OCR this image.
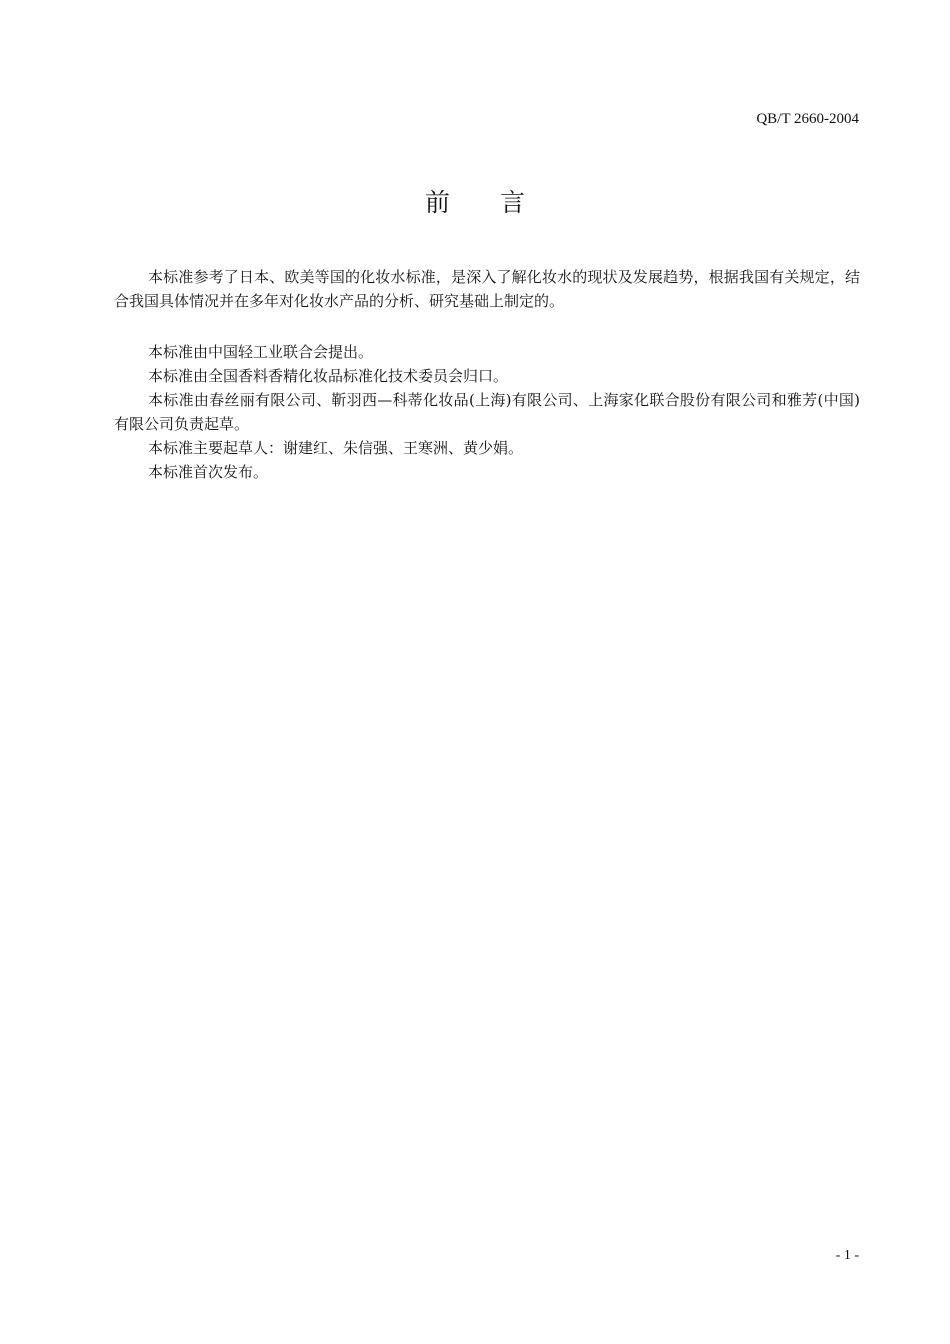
QB/T 2660-2004
前 言

本标准参考了日本、欧美等国的化妆水标准，是深入了解化妆水的现状及发展趋势，根据我国有关规定，结合我国具体情况并在多年对化妆水产品的分析、研究基础上制定的。

本标准由中国轻工业联合会提出。

本标准由全国香料香精化妆品标准化技术委员会归口。

本标准由春丝丽有限公司、靳羽西—科蒂化妆品(上海)有限公司、上海家化联合股份有限公司和雅芳(中国)有限公司负责起草。

本标准主要起草人：谢建红、朱信强、王寒洲、黄少娟。

本标准首次发布。

- 1 -
